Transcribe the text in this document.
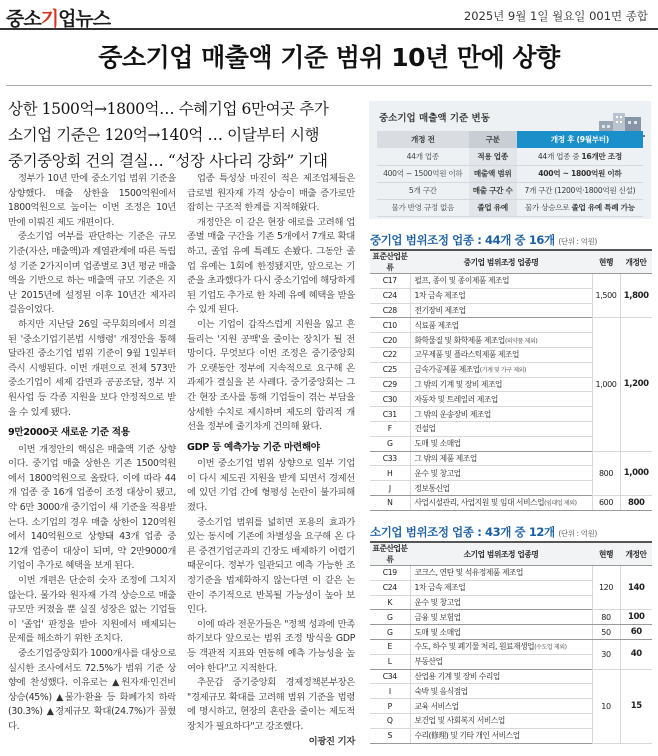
중소기업뉴스	2025년 9월 1일 월요일 001면 종합
중소기업 매출액 기준 범위 10년 만에 상향
상한 1500억→1800억… 수혜기업 6만여곳 추가
소기업 기준은 120억→140억 … 이달부터 시행
중기중앙회 건의 결실… “성장 사다리 강화” 기대

정부가 10년 만에 중소기업 범위 기준을 상향했다. 매출 상한을 1500억원에서 1800억원으로 높이는 이번 조정은 10년 만에 이뤄진 제도 개편이다.

중소기업 여부를 판단하는 기준은 규모 기준(자산, 매출액)과 계열관계에 따른 독립성 기준 2가지이며 업종별로 3년 평균 매출액을 기반으로 하는 매출액 규모 기준은 지난 2015년에 설정된 이후 10년간 제자리걸음이었다.

하지만 지난달 26일 국무회의에서 의결된 '중소기업기본법 시행령' 개정안을 통해 달라진 중소기업 범위 기준이 9월 1일부터 즉시 시행된다. 이번 개편으로 전체 573만 중소기업이 세제 감면과 공공조달, 정부 지원사업 등 각종 지원을 보다 안정적으로 받을 수 있게 됐다.

9만2000곳 새로운 기준 적용

이번 개정안의 핵심은 매출액 기준 상향이다. 중기업 매출 상한은 기존 1500억원에서 1800억원으로 올랐다. 이에 따라 44개 업종 중 16개 업종이 조정 대상이 됐고, 약 6만 3000개 중기업이 새 기준을 적용받는다. 소기업의 경우 매출 상한이 120억원에서 140억원으로 상향돼 43개 업종 중 12개 업종이 대상이 되며, 약 2만9000개 기업이 추가로 혜택을 보게 된다.

이번 개편은 단순히 숫자 조정에 그치지 않는다. 물가와 원자재 가격 상승으로 매출 규모만 커졌을 뿐 실질 성장은 없는 기업들이 '졸업' 판정을 받아 지원에서 배제되는 문제를 해소하기 위한 조치다.

중소기업중앙회가 1000개사를 대상으로 실시한 조사에서도 72.5%가 범위 기준 상향에 찬성했다. 이유로는 ▲원자재·인건비 상승(45%) ▲물가·환율 등 화폐가치 하락(30.3%) ▲경제규모 확대(24.7%)가 꼽혔다.

업종 특성상 마진이 적은 제조업체들은 급로벌 원자재 가격 상승이 매출 증가로만 잡히는 구조적 한계를 지적해왔다.

개정안은 이 같은 현장 애로를 고려해 업종별 매출 구간을 기존 5개에서 7개로 확대하고, 졸업 유예 특례도 손봤다. 그동안 졸업 유예는 1회에 한정됐지만, 앞으로는 기준을 초과했다가 다시 중소기업에 해당하게 된 기업도 추가로 한 차례 유예 혜택을 받을 수 있게 된다.

이는 기업이 갑작스럽게 지원을 잃고 흔들리는 '지원 공백'을 줄이는 장치가 될 전망이다. 무엇보다 이번 조정은 중기중앙회가 오랫동안 정부에 지속적으로 요구해 온 과제가 결실을 본 사례다. 중기중앙회는 그간 현장 조사를 통해 기업들이 겪는 부담을 상세한 수치로 제시하며 제도의 합리적 개선을 정부에 줄기차게 건의해 왔다.

GDP 등 예측가능 기준 마련해야

이번 중소기업 범위 상향으로 일부 기업이 다시 제도권 지원을 받게 되면서 경제선에 있던 기업 간에 형평성 논란이 불가피해졌다.

중소기업 범위를 넓히면 포용의 효과가 있는 동시에 기존에 차별성을 요구해 온 다른 중견기업군과의 긴장도 배제하기 어렵기 때문이다. 정부가 일관되고 예측 가능한 조정기준을 법제화하지 않는다면 이 같은 논란이 주기적으로 반복될 가능성이 높아 보인다.

이에 따라 전문가들은 "정책 성과에 만족하기보다 앞으로는 범위 조정 방식을 GDP 등 객관적 지표와 연동해 예측 가능성을 높여야 한다"고 지적한다.

추문갑 중기중앙회 경제정책본부장은 "경제규모 확대를 고려해 범위 기준을 법령에 명시하고, 현장의 혼란을 줄이는 제도적 장치가 필요하다"고 강조했다.

이광진 기자

중소기업 매출액 기준 변동
개정 전	구분	개정 후 (9월부터)
44개 업종	적용 업종	44개 업종 중 16개만 조정
400억 ~ 1500억원 이하	매출액 범위	400억 ~ 1800억원 이하
5개 구간	매출 구간 수	7개 구간 (1200억·1800억원 신설)
물가 반영 규정 없음	졸업 유예	물가 상승으로 졸업 유예 특례 가능
중기업 범위조정 업종 : 44개 중 16개 (단위 : 억원)
표준산업분류	중기업 범위조정 업종명	현행	개정안
C17	펄프, 종이 및 종이제품 제조업	1,500	1,800
C24	1차 금속 제조업		
C28	전기장비 제조업		
C10	식료품 제조업	1,000	1,200
C20	화학물질 및 화학제품 제조업(의약품 제외)		
C22	고무제품 및 플라스틱제품 제조업		
C25	금속가공제품 제조업(기계 및 가구 제외)		
C29	그 밖의 기계 및 장비 제조업		
C30	자동차 및 트레일러 제조업		
C31	그 밖의 운송장비 제조업		
F	건설업		
G	도매 및 소매업		
C33	그 밖의 제품 제조업	800	1,000
H	운수 및 창고업		
J	정보통신업		
N	사업시설관리, 사업지원 및 임대 서비스업(임대업 제외)	600	800
소기업 범위조정 업종 : 43개 중 12개 (단위 : 억원)
표준산업분류	소기업 범위조정 업종명	현행	개정안
C19	코크스, 연탄 및 석유정제품 제조업	120	140
C24	1차 금속 제조업		
K	운수 및 창고업		
G	금융 및 보험업	80	100
G	도매 및 소매업	50	60
E	수도, 하수 및 폐기물 처리, 원료재생업(수도업 제외)	30	40
L	부동산업		
C34	산업용 기계 및 장비 수리업	10	15
I	숙박 및 음식점업		
P	교육 서비스업		
Q	보건업 및 사회복지 서비스업		
S	수리(修理) 및 기타 개인 서비스업		
